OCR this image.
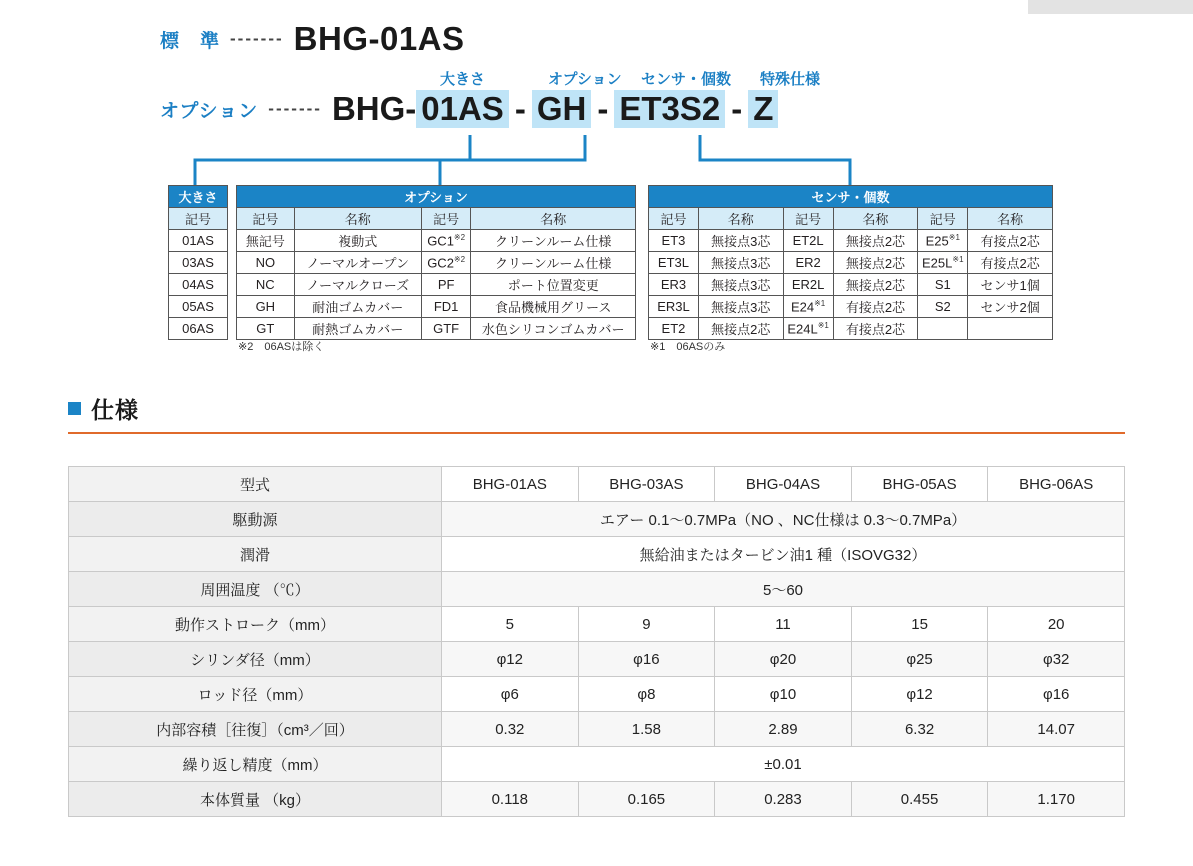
標　準 ------- BHG-01AS
オプション ------- BHG- 01AS - GH - ET3S2 - Z
大きさ	オプション センサ・個数 特殊仕様
大きさ
記号
01AS
03AS
04AS
05AS
06AS
オプション			
記号	名称	記号	名称
無記号	複動式	GC1$^{※2}$	クリーンルーム仕様
NO	ノーマルオープン	GC2$^{※2}$	クリーンルーム仕様
NC	ノーマルクローズ	PF	ポート位置変更
GH	耐油ゴムカバー	FD1	食品機械用グリース
GT	耐熱ゴムカバー	GTF	水色シリコンゴムカバー
※2　06ASは除く
センサ・個数					
記号	名称	記号	名称	記号	名称
ET3	無接点3芯	ET2L	無接点2芯	E25$^{※1}$	有接点2芯
ET3L	無接点3芯	ER2	無接点2芯	$E25L^{※1}$	有接点2芯
ER3	無接点3芯	ER2L	無接点2芯	S1	センサ1個
ER3L	無接点3芯	E24$^{※1}$	有接点2芯	S2	センサ2個
ET2	無接点2芯	$E24L^{※1}$	有接点2芯		
※1　06ASのみ
仕様
型式	BHG-01AS	BHG-03AS	BHG-04AS	BHG-05AS	BHG-06AS
駆動源	エアー 0.1〜0.7MPa（NO 、NC仕様は 0.3〜0.7MPa）				
潤滑	無給油またはタービン油1 種（ISOVG32）				
周囲温度 （℃）	5〜60				
動作ストローク（mm）	5	9	11	15	20
シリンダ径（mm）	φ12	φ16	φ20	φ25	φ32
ロッド径（mm）	φ6	φ8	φ10	φ12	φ16
内部容積［往復］（cm³／回）	0.32	1.58	2.89	6.32	14.07
繰り返し精度（mm）	±0.01				
本体質量 （kg）	0.118	0.165	0.283	0.455	1.170
